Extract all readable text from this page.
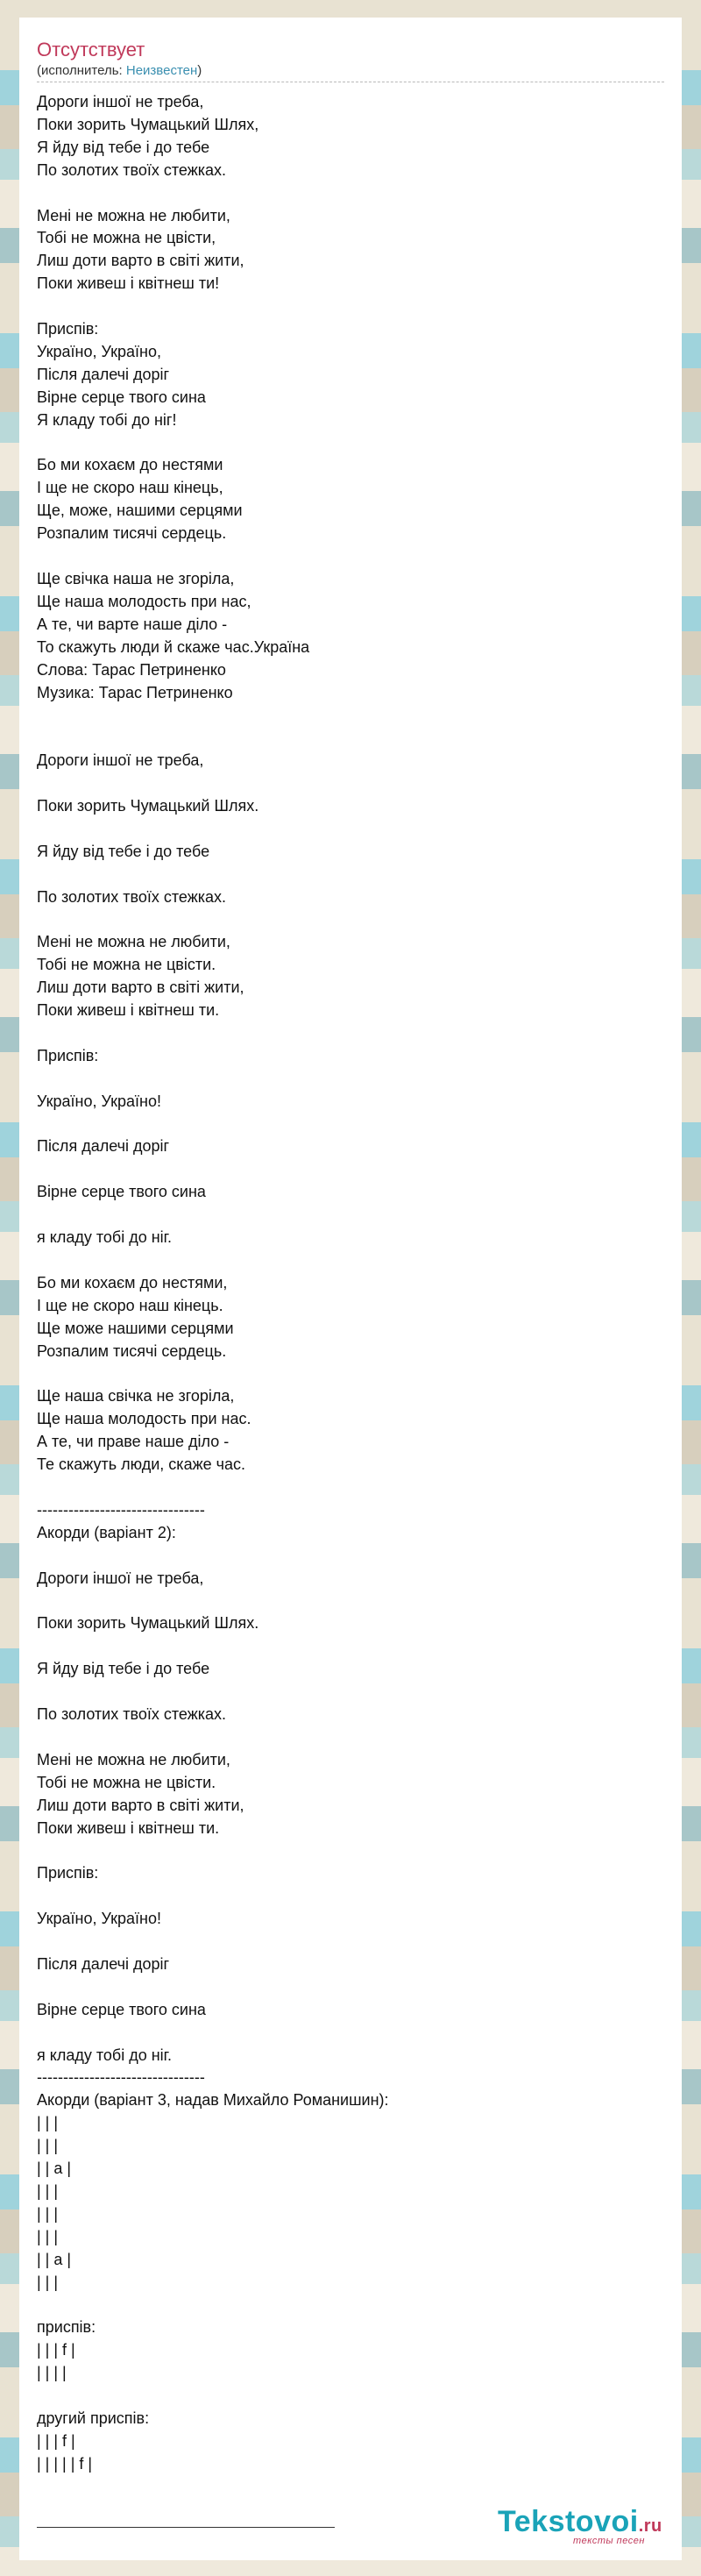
Отсутствует
(исполнитель: Неизвестен)
Дороги іншої не треба,
Поки зорить Чумацький Шлях,
Я йду від тебе і до тебе
По золотих твоїх стежках.
Мені не можна не любити,
Тобі не можна не цвісти,
Лиш доти варто в світі жити,
Поки живеш і квітнеш ти!
Приспів:
Україно, Україно,
Після далечі доріг
Вірне серце твого сина
Я кладу тобі до ніг!
Бо ми кохаєм до нестями
І ще не скоро наш кінець,
Ще, може, нашими серцями
Розпалим тисячі сердець.
Ще свічка наша не згоріла,
Ще наша молодость при нас,
А те, чи варте наше діло -
То скажуть люди й скаже час.Україна
Слова: Тарас Петриненко
Музика: Тарас Петриненко
Дороги іншої не треба,
Поки зорить Чумацький Шлях.
Я йду від тебе і до тебе
По золотих твоїх стежках.
Мені не можна не любити,
Тобі не можна не цвісти.
Лиш доти варто в світі жити,
Поки живеш і квітнеш ти.
Приспів:
Україно, Україно!
Після далечі доріг
Вірне серце твого сина
я кладу тобі до ніг.
Бо ми кохаєм до нестями,
І ще не скоро наш кінець.
Ще може нашими серцями
Розпалим тисячі сердець.
Ще наша свічка не згоріла,
Ще наша молодость при нас.
А те, чи праве наше діло -
Те скажуть люди, скаже час.
--------------------------------
Акорди (варіант 2):
Дороги іншої не треба,
Поки зорить Чумацький Шлях.
Я йду від тебе і до тебе
По золотих твоїх стежках.
Мені не можна не любити,
Тобі не можна не цвісти.
Лиш доти варто в світі жити,
Поки живеш і квітнеш ти.
Приспів:
Україно, Україно!
Після далечі доріг
Вірне серце твого сина
я кладу тобі до ніг.
--------------------------------
Акорди (варіант 3, надав Михайло Романишин):
| | |
| | |
| | a |
| | |
| | |
| | |
| | a |
| | |
приспів:
| | | f |
| | | |
другий приспів:
| | | f |
| | | | | f |
Tekstovoi.ru
тексты песен
